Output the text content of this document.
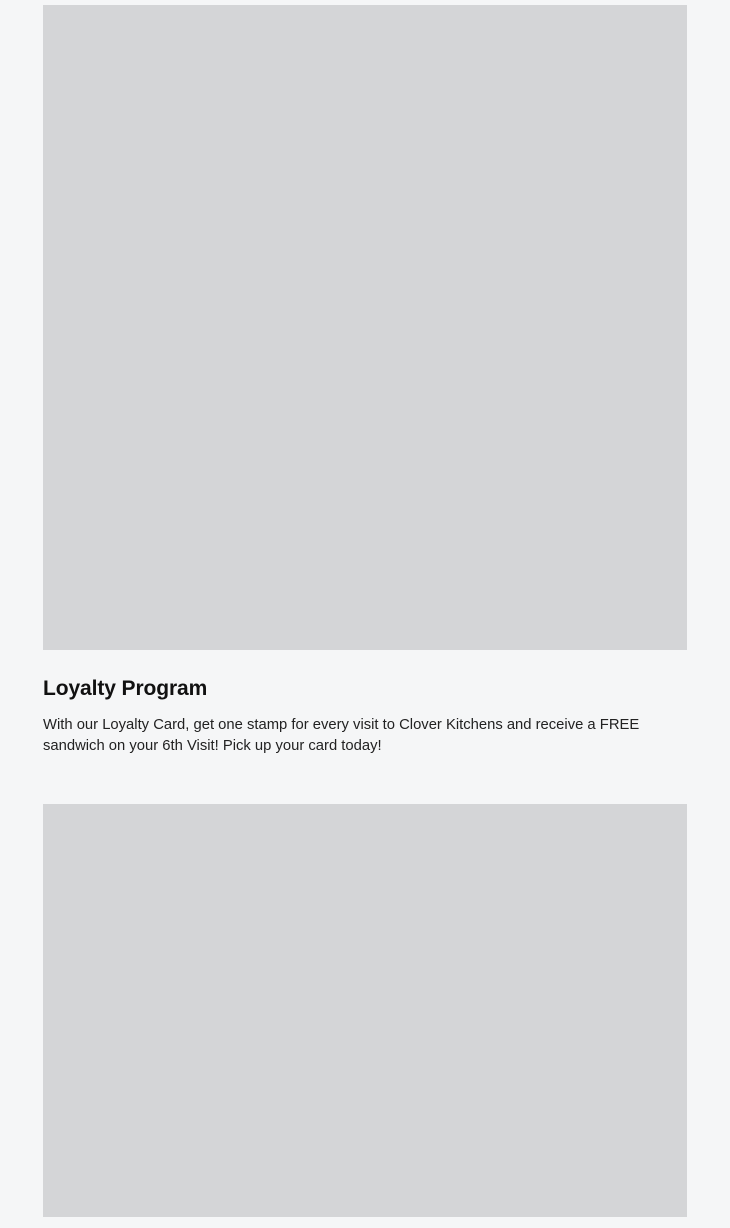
Loyalty Program

With our Loyalty Card, get one stamp for every visit to Clover Kitchens and receive a FREE sandwich on your 6th Visit! Pick up your card today!
